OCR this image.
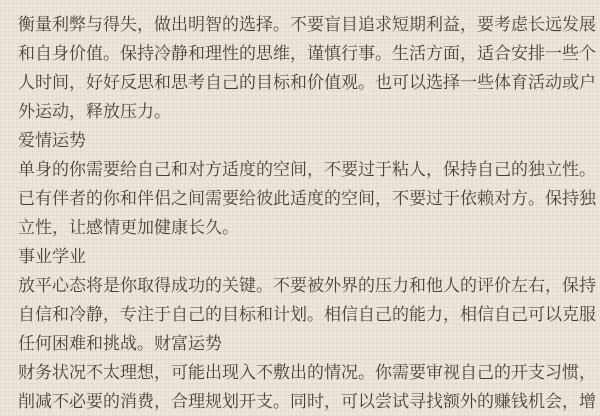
衡量利弊与得失，做出明智的选择。不要盲目追求短期利益，要考虑长远发展
和自身价值。保持冷静和理性的思维，谨慎行事。生活方面，适合安排一些个
人时间，好好反思和思考自己的目标和价值观。也可以选择一些体育活动或户
外运动，释放压力。
爱情运势
单身的你需要给自己和对方适度的空间，不要过于粘人，保持自己的独立性。
已有伴者的你和伴侣之间需要给彼此适度的空间，不要过于依赖对方。保持独
立性，让感情更加健康长久。
事业学业
放平心态将是你取得成功的关键。不要被外界的压力和他人的评价左右，保持
自信和冷静，专注于自己的目标和计划。相信自己的能力，相信自己可以克服
任何困难和挑战。财富运势
财务状况不太理想，可能出现入不敷出的情况。你需要审视自己的开支习惯，
削减不必要的消费，合理规划开支。同时，可以尝试寻找额外的赚钱机会，增
